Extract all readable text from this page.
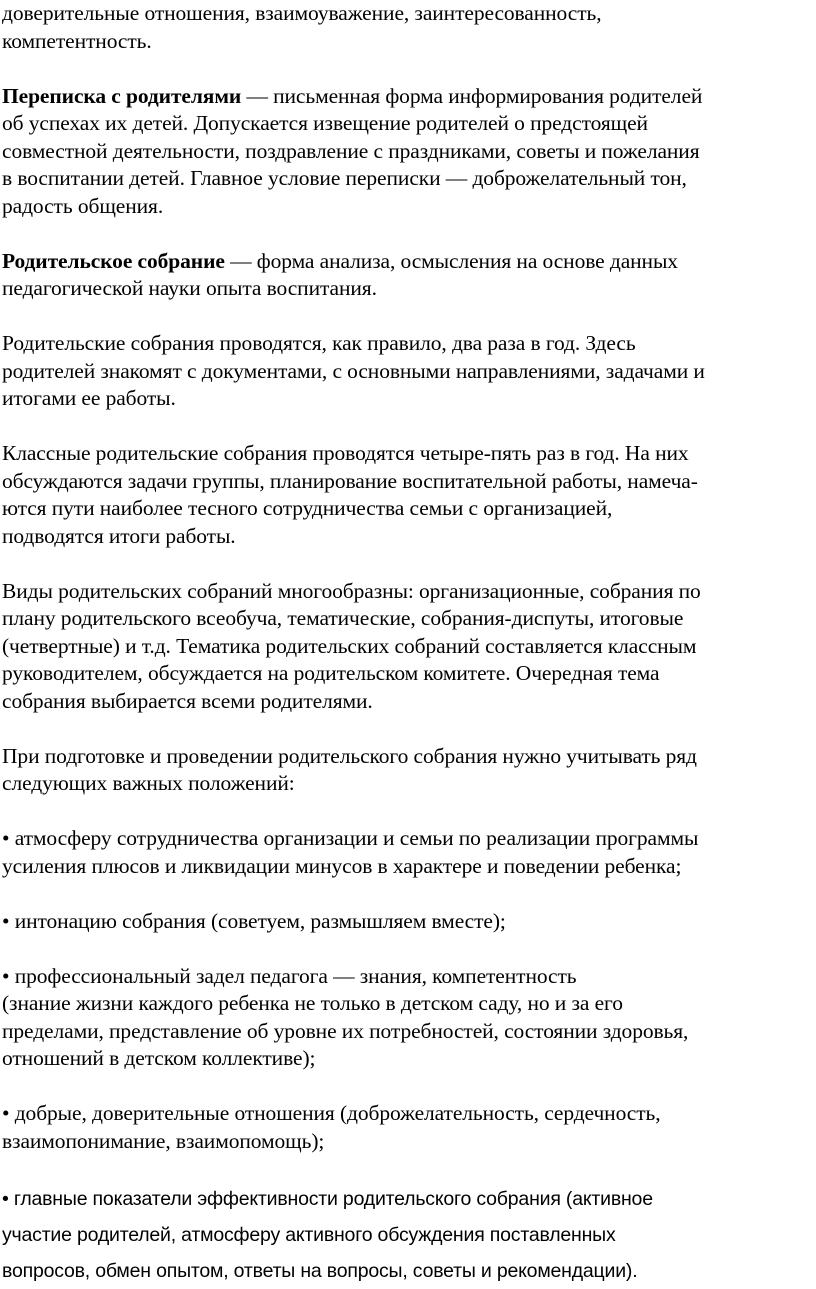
доверительные отношения, взаимоуважение, заинтересованность,

компетентность.

Переписка с родителями — письменная форма информирования родителей

об успехах их детей. Допускается извещение родителей о предстоящей

совместной деятельности, поздравление с праздниками, советы и пожелания

в воспитании детей. Главное условие переписки — доброжелательный тон,

радость общения.

Родительское собрание — форма анализа, осмысления на основе данных

педагогической науки опыта воспитания.

Родительские собрания проводятся, как правило, два раза в год. Здесь

родителей знакомят с документами, с основными направлениями, задачами и

итогами ее работы.

Классные родительские собрания проводятся четыре-пять раз в год. На них

обсуждаются задачи группы, планирование воспитательной работы, намеча-

ются пути наиболее тесного сотрудничества семьи с организацией,

подводятся итоги работы.

Виды родительских собраний многообразны: организационные, собрания по

плану родительского всеобуча, тематические, собрания-диспуты, итоговые

(четвертные) и т.д. Тематика родительских собраний составляется классным

руководителем, обсуждается на родительском комитете. Очередная тема

собрания выбирается всеми родителями.

При подготовке и проведении родительского собрания нужно учитывать ряд

следующих важных положений:

• атмосферу сотрудничества организации и семьи по реализации программы

усиления плюсов и ликвидации минусов в характере и поведении ребенка;

• интонацию собрания (советуем, размышляем вместе);

• профессиональный задел педагога — знания, компетентность

(знание жизни каждого ребенка не только в детском саду, но и за его

пределами, представление об уровне их потребностей, состоянии здоровья,

отношений в детском коллективе);

• добрые, доверительные отношения (доброжелательность, сердечность,

взаимопонимание, взаимопомощь);

• главные показатели эффективности родительского собрания (активное

участие родителей, атмосферу активного обсуждения поставленных

вопросов, обмен опытом, ответы на вопросы, советы и рекомендации).
